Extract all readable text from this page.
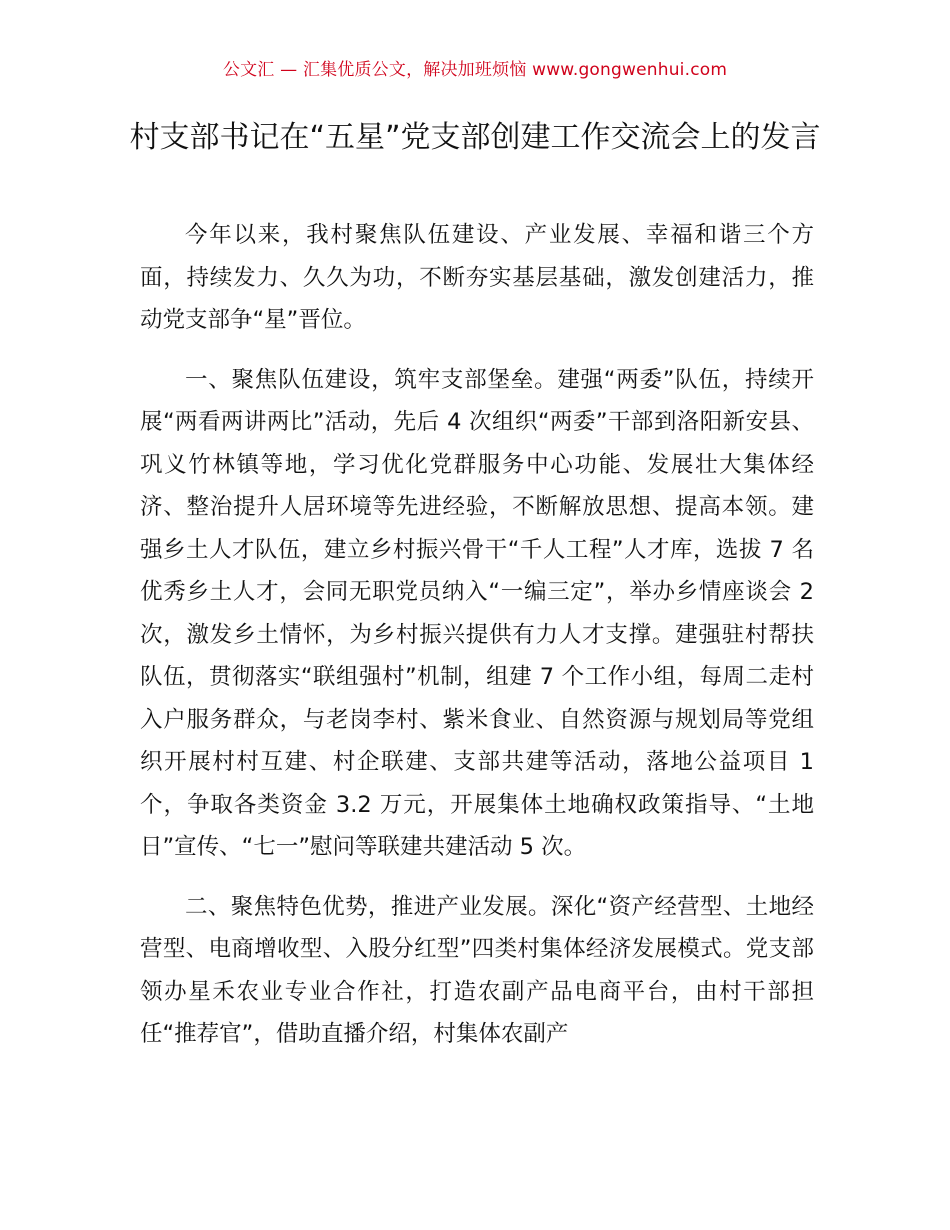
公文汇 — 汇集优质公文，解决加班烦恼 www.gongwenhui.com
村支部书记在“五星”党支部创建工作交流会上的发言

今年以来，我村聚焦队伍建设、产业发展、幸福和谐三个方面，持续发力、久久为功，不断夯实基层基础，激发创建活力，推动党支部争“星”晋位。

一、聚焦队伍建设，筑牢支部堡垒。建强“两委”队伍，持续开展“两看两讲两比”活动，先后 4 次组织“两委”干部到洛阳新安县、巩义竹林镇等地，学习优化党群服务中心功能、发展壮大集体经济、整治提升人居环境等先进经验，不断解放思想、提高本领。建强乡土人才队伍，建立乡村振兴骨干“千人工程”人才库，选拔 7 名优秀乡土人才，会同无职党员纳入“一编三定”，举办乡情座谈会 2 次，激发乡土情怀，为乡村振兴提供有力人才支撑。建强驻村帮扶队伍，贯彻落实“联组强村”机制，组建 7 个工作小组，每周二走村入户服务群众，与老岗李村、紫米食业、自然资源与规划局等党组织开展村村互建、村企联建、支部共建等活动，落地公益项目 1 个，争取各类资金 3.2 万元，开展集体土地确权政策指导、“土地日”宣传、“七一”慰问等联建共建活动 5 次。

二、聚焦特色优势，推进产业发展。深化“资产经营型、土地经营型、电商增收型、入股分红型”四类村集体经济发展模式。党支部领办星禾农业专业合作社，打造农副产品电商平台，由村干部担任“推荐官”，借助直播介绍，村集体农副产
